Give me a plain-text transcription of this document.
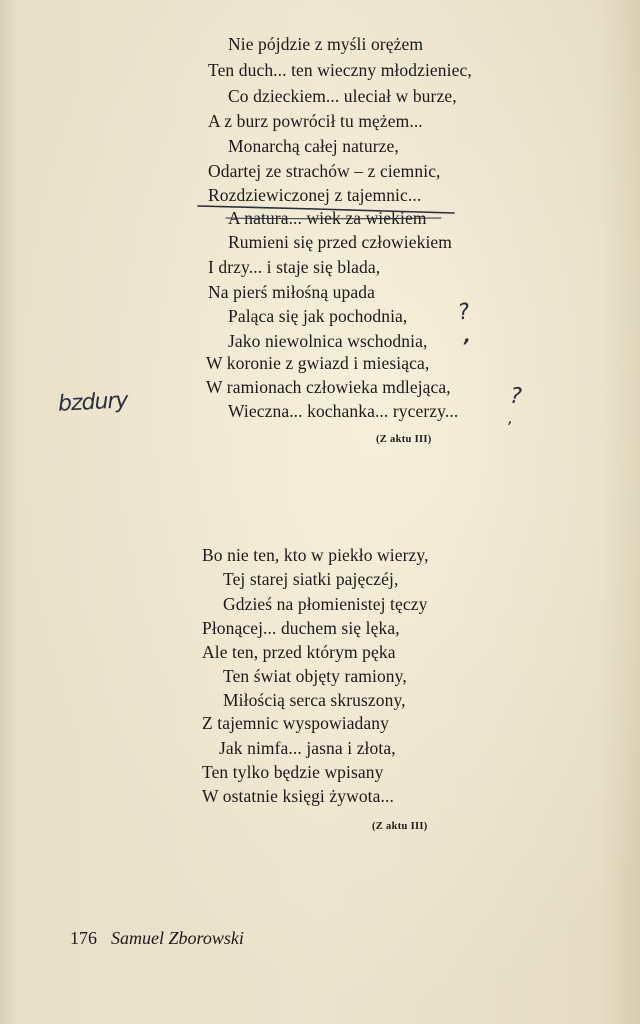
Nie pójdzie z myśli orężem
Ten duch... ten wieczny młodzieniec,
Co dzieckiem... uleciał w burze,
A z burz powrócił tu mężem...
Monarchą całej naturze,
Odartej ze strachów – z ciemnic,
Rozdziewiczonej z tajemnic...
A natura... wiek za wiekiem
Rumieni się przed człowiekiem
I drzy... i staje się blada,
Na pierś miłośną upada
Paląca się jak pochodnia,
Jako niewolnica wschodnia,
W koronie z gwiazd i miesiąca,
W ramionach człowieka mdlejąca,
Wieczna... kochanka... rycerzy...
(Z aktu III)
bzdury
?
,
?
,
Bo nie ten, kto w piekło wierzy,
Tej starej siatki pajęczéj,
Gdzieś na płomienistej tęczy
Płonącej... duchem się lęka,
Ale ten, przed którym pęka
Ten świat objęty ramiony,
Miłością serca skruszony,
Z tajemnic wyspowiadany
Jak nimfa... jasna i złota,
Ten tylko będzie wpisany
W ostatnie księgi żywota...
(Z aktu III)
176 Samuel Zborowski
